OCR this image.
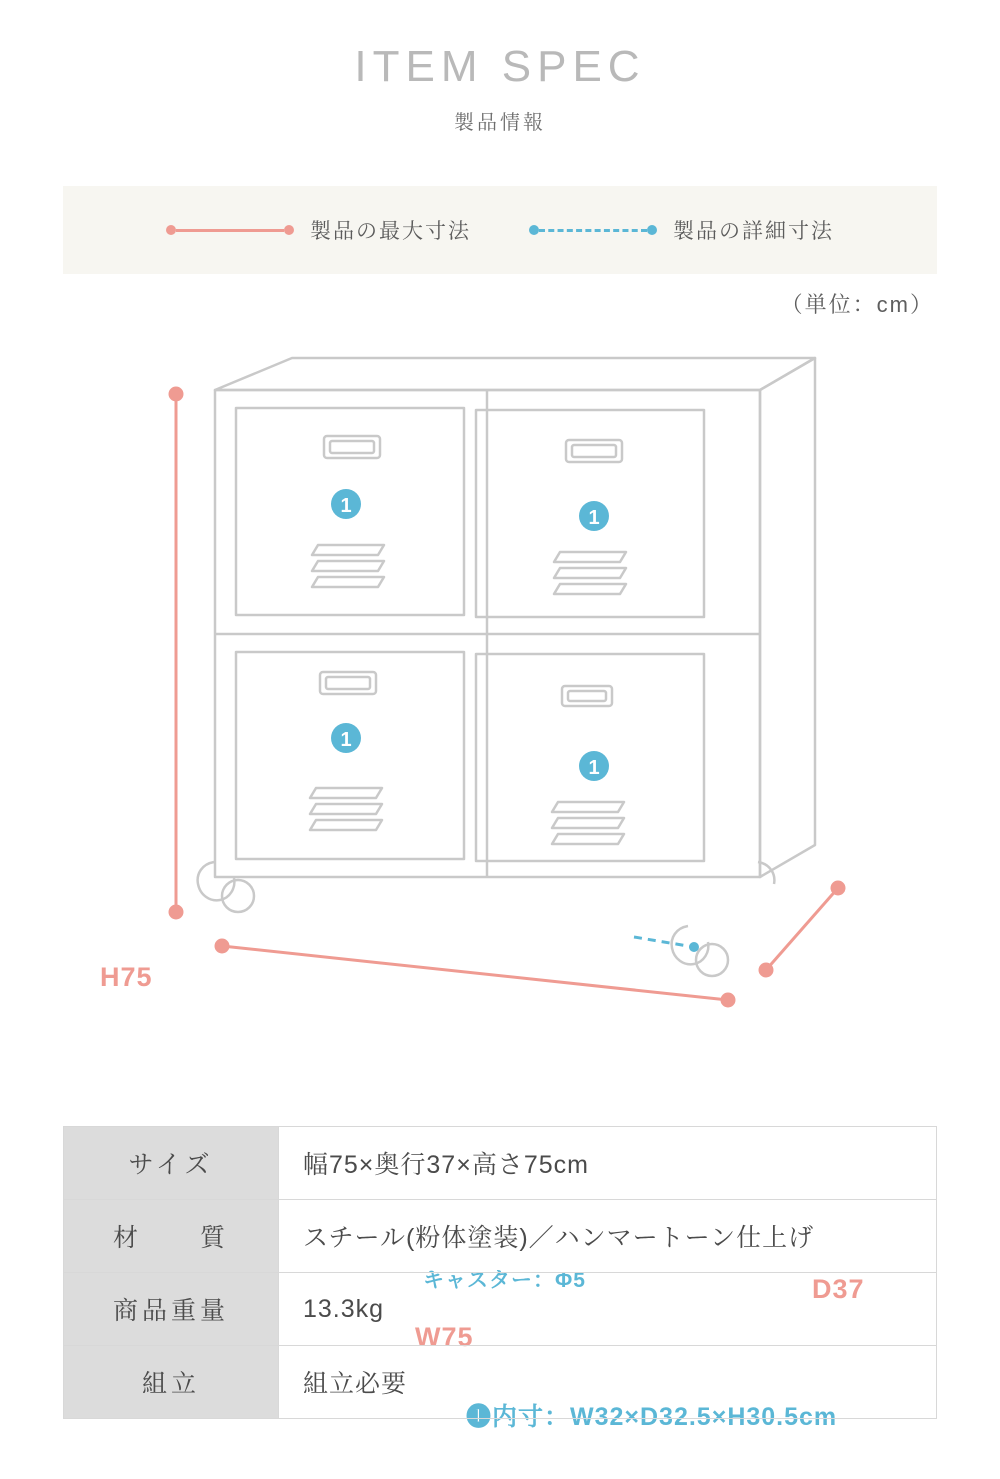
ITEM SPEC
製品情報
製品の最大寸法	製品の詳細寸法
（単位：cm）
1
1
1
1
H75
W75
D37
キャスター：Φ5
❶内寸：W32×D32.5×H30.5cm
サイズ	幅75×奥行37×高さ75cm
材　　質	スチール(粉体塗装)／ハンマートーン仕上げ
商品重量	13.3kg
組立	組立必要
